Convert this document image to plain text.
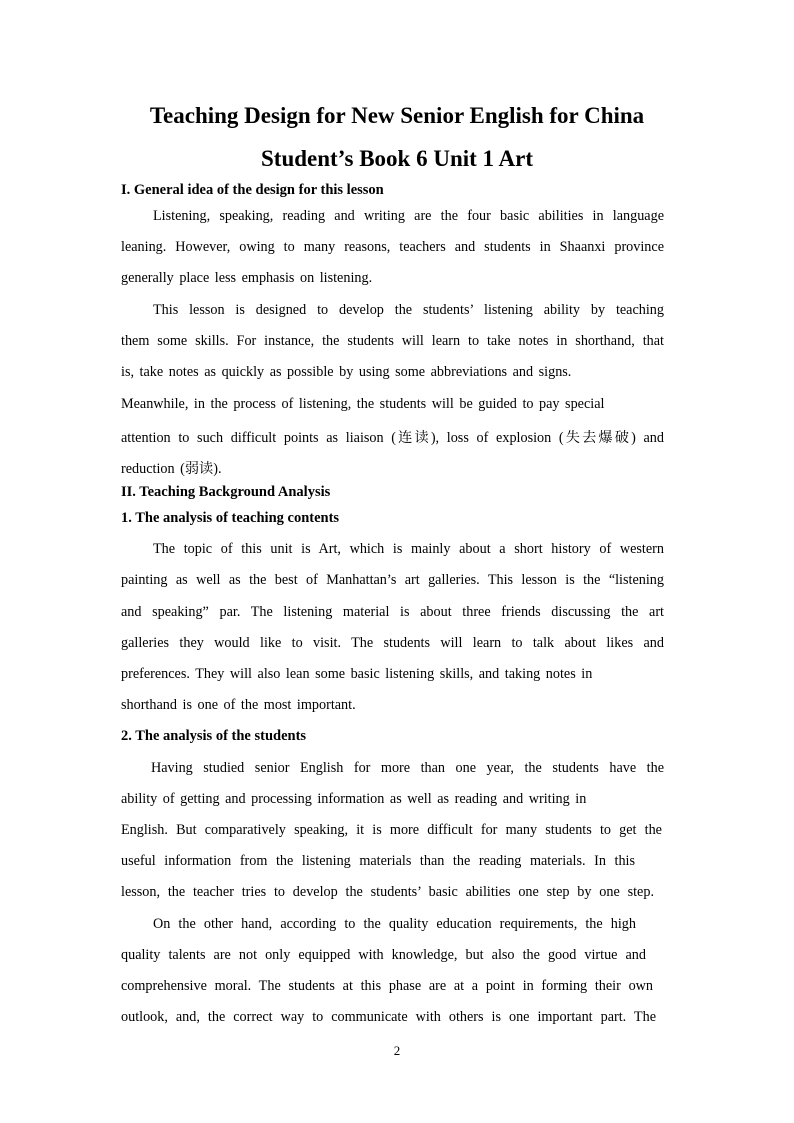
Teaching Design for New Senior English for China
Student’s Book 6 Unit 1 Art
I. General idea of the design for this lesson
Listening, speaking, reading and writing are the four basic abilities in language
leaning. However, owing to many reasons, teachers and students in Shaanxi province
generally place less emphasis on listening.
This lesson is designed to develop the students’ listening ability by teaching
them some skills. For instance, the students will learn to take notes in shorthand, that
is, take notes as quickly as possible by using some abbreviations and signs.
Meanwhile, in the process of listening, the students will be guided to pay special
attention to such difficult points as liaison (连读), loss of explosion (失去爆破) and
reduction (弱读).
II. Teaching Background Analysis
1. The analysis of teaching contents
The topic of this unit is Art, which is mainly about a short history of western
painting as well as the best of Manhattan’s art galleries. This lesson is the “listening
and speaking” par. The listening material is about three friends discussing the art
galleries they would like to visit. The students will learn to talk about likes and
preferences. They will also lean some basic listening skills, and taking notes in
shorthand is one of the most important.
2. The analysis of the students
Having studied senior English for more than one year, the students have the
ability of getting and processing information as well as reading and writing in
English. But comparatively speaking, it is more difficult for many students to get the
useful information from the listening materials than the reading materials. In this
lesson, the teacher tries to develop the students’ basic abilities one step by one step.
On the other hand, according to the quality education requirements, the high
quality talents are not only equipped with knowledge, but also the good virtue and
comprehensive moral. The students at this phase are at a point in forming their own
outlook, and, the correct way to communicate with others is one important part. The
2
